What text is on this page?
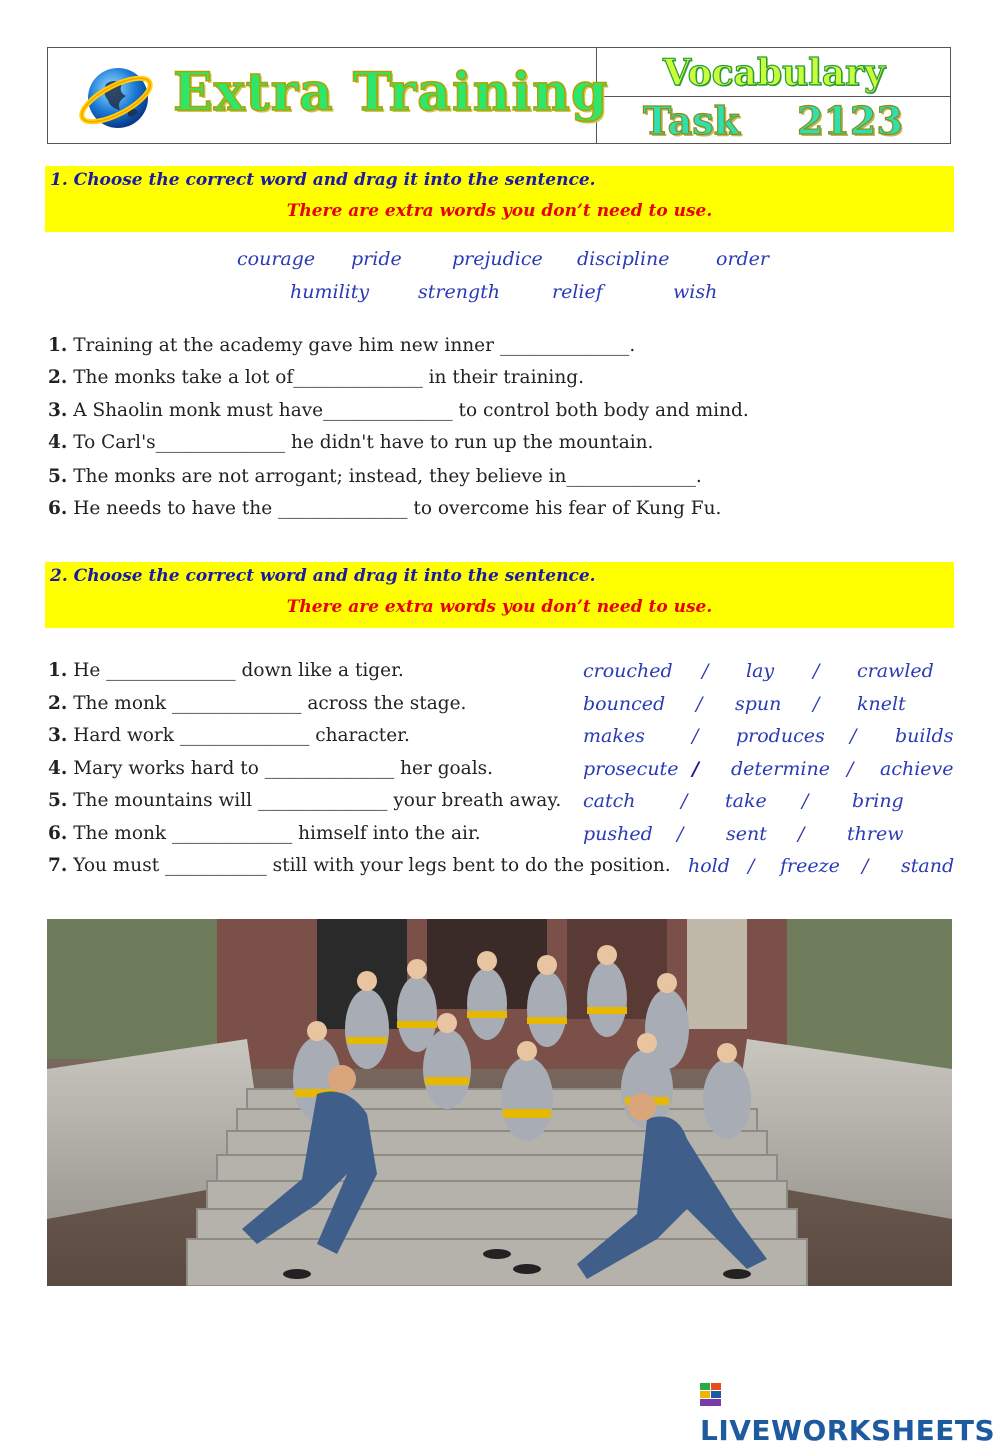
Extra Training	Vocabulary
Task 2123
1. Choose the correct word and drag it into the sentence.
There are extra words you don’t need to use.
courage pride	prejudice discipline order
humility	strength	relief	wish
1. Training at the academy gave him new inner ______________.
2. The monks take a lot of______________ in their training.
3. A Shaolin monk must have______________ to control both body and mind.
4. To Carl's______________ he didn't have to run up the mountain.
5. The monks are not arrogant; instead, they believe in______________.
6. He needs to have the ______________ to overcome his fear of Kung Fu.
2. Choose the correct word and drag it into the sentence.
There are extra words you don’t need to use.
1. He ______________ down like a tiger.	crouched / lay / crawled
2. The monk ______________ across the stage.	bounced / spun / knelt
3. Hard work ______________ character.	makes / produces / builds
4. Mary works hard to ______________ her goals.	prosecute / determine / achieve
5. The mountains will ______________ your breath away. catch / take / bring
6. The monk _____________ himself into the air.	pushed / sent / threw
7. You must ___________ still with your legs bent to do the position. hold / freeze / stand
LIVEWORKSHEETS
